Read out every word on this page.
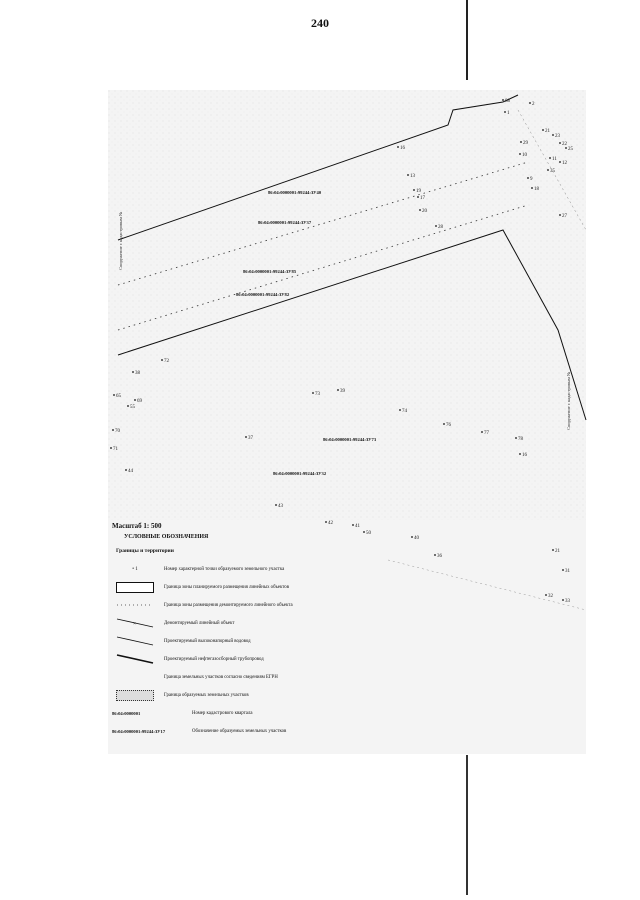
240
Сооружение с кадастровым №
Сооружение с кадастровым №
86:04:0000001:99244:ЗУ40
86:04:0000001:99244:ЗУ37
86:04:0000001:99244:ЗУ85
86:04:0000001:99244:ЗУ82
86:04:0000001:99244:ЗУ73
86:04:0000001:99244:ЗУ32
88
16
1
2
21
23
22
25
29
10
11
12
13
19
9
27
35
17
18
20
28
21
31
32
33
39
41
42
43
44
55
65
69
70
71
72
73
74
76
77
78
16
37
36
38
40
50
Масштаб 1: 500
УСЛОВНЫЕ ОБОЗНАЧЕНИЯ
Границы и территории
• 1	Номер характерной точки образуемого земельного участка
Граница зоны планируемого размещения линейных объектов
Граница зоны размещения демонтируемого линейного объекта
×	Демонтируемый линейный объект
Проектируемый высоконапорный водовод
Проектируемый нефтегазосборный трубопровод
Граница земельных участков согласно сведениям ЕГРН
Граница образуемых земельных участков
86:04:0000001	Номер кадастрового квартала
86:04:0000001:99244:ЗУ17	Обозначение образуемых земельных участков
